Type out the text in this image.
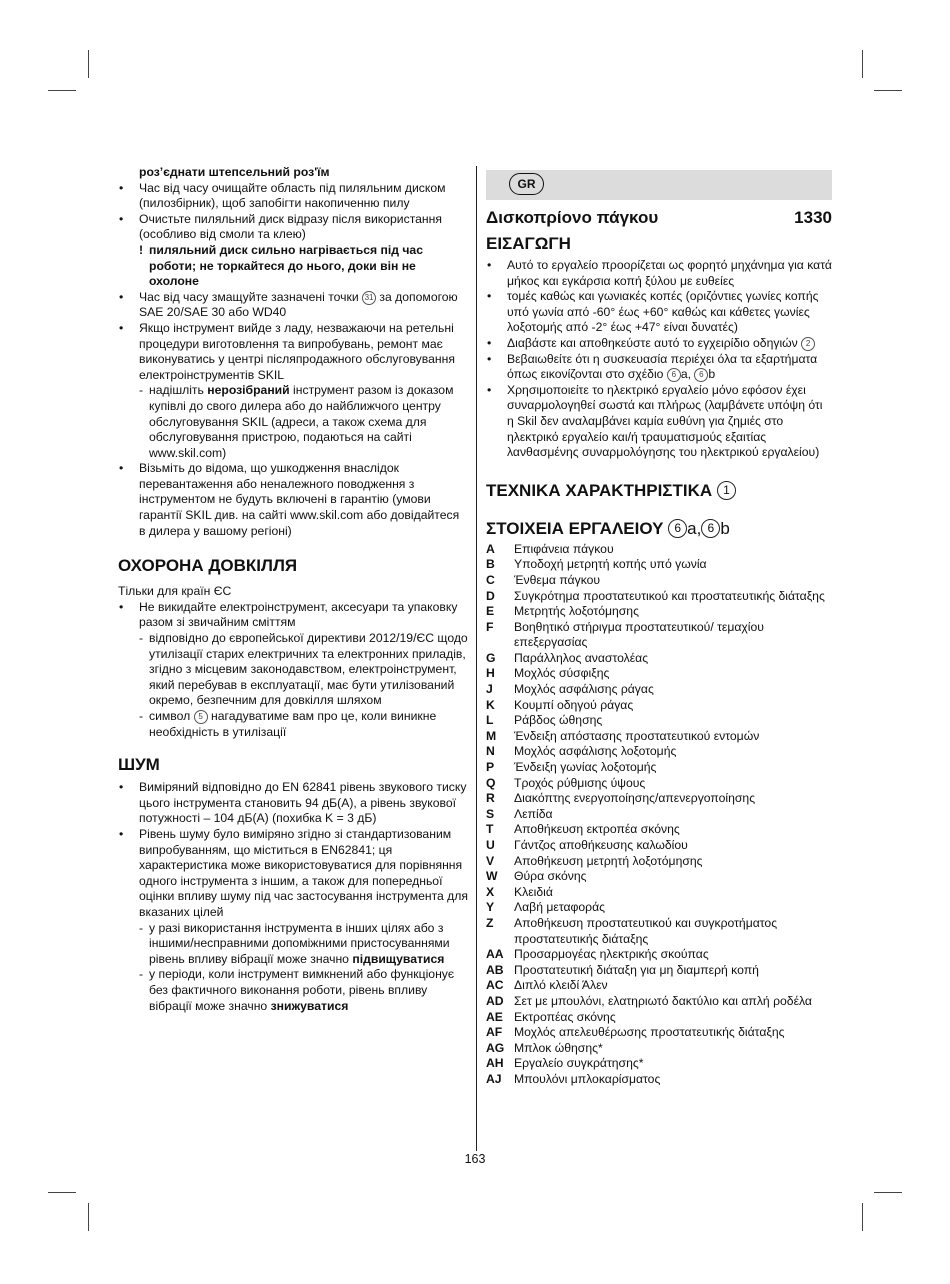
роз’єднати штепсельний роз'їм
• Час від часу очищайте область під пиляльним диском (пилозбірник), щоб запобігти накопиченню пилу
• Очистьте пиляльний диск відразу після використання (особливо від смоли та клею)
! пиляльний диск сильно нагрівається під час роботи; не торкайтеся до нього, доки він не охолоне
• Час від часу змащуйте зазначені точки 31 за допомогою SAE 20/SAE 30 або WD40
• Якщо інструмент вийде з ладу, незважаючи на ретельні процедури виготовлення та випробувань, ремонт має виконуватись у центрі післяпродажного обслуговування електроінструментів SKIL
- надішліть нерозібраний інструмент разом із доказом купівлі до свого дилера або до найближчого центру обслуговування SKIL (адреси, а також схема для обслуговування пристрою, подаються на сайті www.skil.com)
• Візьміть до відома, що ушкодження внаслідок перевантаження або неналежного поводження з інструментом не будуть включені в гарантію (умови гарантії SKIL див. на сайті www.skil.com або довідайтеся в дилера у вашому регіоні)
ОХОРОНА ДОВКІЛЛЯ
Тільки для країн ЄС
• Не викидайте електроінструмент, аксесуари та упаковку разом зі звичайним сміттям
- відповідно до європейської директиви 2012/19/ЄС щодо утилізації старих електричних та електронних приладів, згідно з місцевим законодавством, електроінструмент, який перебував в експлуатації, має бути утилізований окремо, безпечним для довкілля шляхом
- символ 5 нагадуватиме вам про це, коли виникне необхідність в утилізації
ШУМ
• Виміряний відповідно до EN 62841 рівень звукового тиску цього інструмента становить 94 дБ(A), а рівень звукової потужності – 104 дБ(A) (похибка K = 3 дБ)
• Рівень шуму було виміряно згідно зі стандартизованим випробуванням, що міститься в EN62841; ця характеристика може використовуватися для порівняння одного інструмента з іншим, а також для попередньої оцінки впливу шуму під час застосування інструмента для вказаних цілей
- у разі використання інструмента в інших цілях або з іншими/несправними допоміжними пристосуваннями рівень впливу вібрації може значно підвищуватися
- у періоди, коли інструмент вимкнений або функціонує без фактичного виконання роботи, рівень впливу вібрації може значно знижуватися
GR
Δισκοπρίονο πάγκου	1330
ΕΙΣΑΓΩΓΗ
• Αυτό το εργαλείο προορίζεται ως φορητό μηχάνημα για κατά μήκος και εγκάρσια κοπή ξύλου με ευθείες
• τομές καθώς και γωνιακές κοπές (οριζόντιες γωνίες κοπής υπό γωνία από -60° έως +60° καθώς και κάθετες γωνίες λοξοτομής από -2° έως +47° είναι δυνατές)
• Διαβάστε και αποθηκεύστε αυτό το εγχειρίδιο οδηγιών 2
• Βεβαιωθείτε ότι η συσκευασία περιέχει όλα τα εξαρτήματα όπως εικονίζονται στο σχέδιο 6 a, 6 b
• Χρησιμοποιείτε το ηλεκτρικό εργαλείο μόνο εφόσον έχει συναρμολογηθεί σωστά και πλήρως (λαμβάνετε υπόψη ότι η Skil δεν αναλαμβάνει καμία ευθύνη για ζημιές στο ηλεκτρικό εργαλείο και/ή τραυματισμούς εξαιτίας λανθασμένης συναρμολόγησης του ηλεκτρικού εργαλείου)
ΤΕΧΝΙΚΑ ΧΑΡΑΚΤΗΡΙΣΤΙΚΑ 1
ΣΤΟΙΧΕΙΑ ΕΡΓΑΛΕΙΟΥ 6 a, 6 b
A Επιφάνεια πάγκου
B Υποδοχή μετρητή κοπής υπό γωνία
C Ένθεμα πάγκου
D Συγκρότημα προστατευτικού και προστατευτικής διάταξης
E Μετρητής λοξοτόμησης
F Βοηθητικό στήριγμα προστατευτικού/ τεμαχίου επεξεργασίας
G Παράλληλος αναστολέας
H Μοχλός σύσφιξης
J Μοχλός ασφάλισης ράγας
K Κουμπί οδηγού ράγας
L Ράβδος ώθησης
M Ένδειξη απόστασης προστατευτικού εντομών
N Μοχλός ασφάλισης λοξοτομής
P Ένδειξη γωνίας λοξοτομής
Q Τροχός ρύθμισης ύψους
R Διακόπτης ενεργοποίησης/απενεργοποίησης
S Λεπίδα
T Αποθήκευση εκτροπέα σκόνης
U Γάντζος αποθήκευσης καλωδίου
V Αποθήκευση μετρητή λοξοτόμησης
W Θύρα σκόνης
X Κλειδιά
Y Λαβή μεταφοράς
Z Αποθήκευση προστατευτικού και συγκροτήματος προστατευτικής διάταξης
AA Προσαρμογέας ηλεκτρικής σκούπας
AB Προστατευτική διάταξη για μη διαμπερή κοπή
AC Διπλό κλειδί Άλεν
AD Σετ με μπουλόνι, ελατηριωτό δακτύλιο και απλή ροδέλα
AE Εκτροπέας σκόνης
AF Μοχλός απελευθέρωσης προστατευτικής διάταξης
AG Μπλοκ ώθησης*
AH Εργαλείο συγκράτησης*
AJ Μπουλόνι μπλοκαρίσματος
163
